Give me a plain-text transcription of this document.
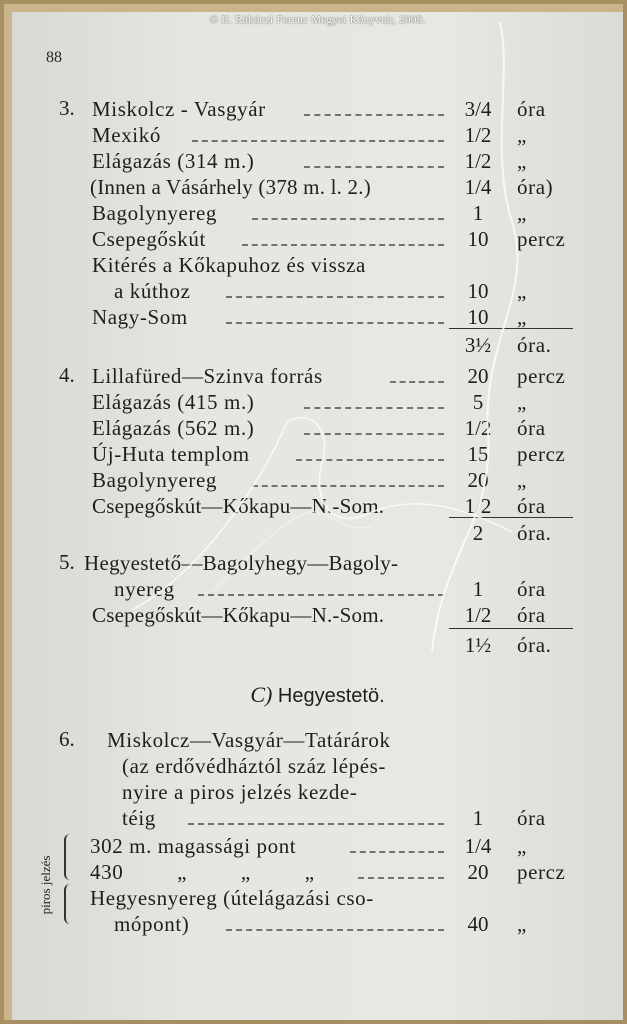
© II. Rákóczi Ferenc Megyei Könyvtár, 2009.
88
3. Miskolcz - Vasgyár	3/4	óra
Mexikó	1/2	„
Elágazás (314 m.)	1/2	„
(Innen a Vásárhely (378 m. l. 2.)	1/4	óra)
Bagolynyereg	1	„
Csepegőskút	10	percz
Kitérés a Kőkapuhoz és vissza
a kúthoz	10	„
Nagy-Som	10	„
3½	óra.
4. Lillafüred—Szinva forrás	20	percz
Elágazás (415 m.)	5	„
Elágazás (562 m.)	1/2	óra
Új-Huta templom	15	percz
Bagolynyereg	20	„
Csepegőskút—Kőkapu—N.-Som.	1/2	óra
2	óra.
5. Hegyestető—Bagolyhegy—Bagoly-
nyereg	1	óra
Csepegőskút—Kőkapu—N.-Som.	1/2	óra
1½	óra.
C) Hegyestetö.
6. Miskolcz—Vasgyár—Tatárárok
(az erdővédháztól száz lépés-
nyire a piros jelzés kezde-
téig	1	óra
302 m. magassági pont	1/4	„
430 „ „ „	20	percz
Hegyesnyereg (útelágazási cso-
mópont)	40	„
piros jelzés
